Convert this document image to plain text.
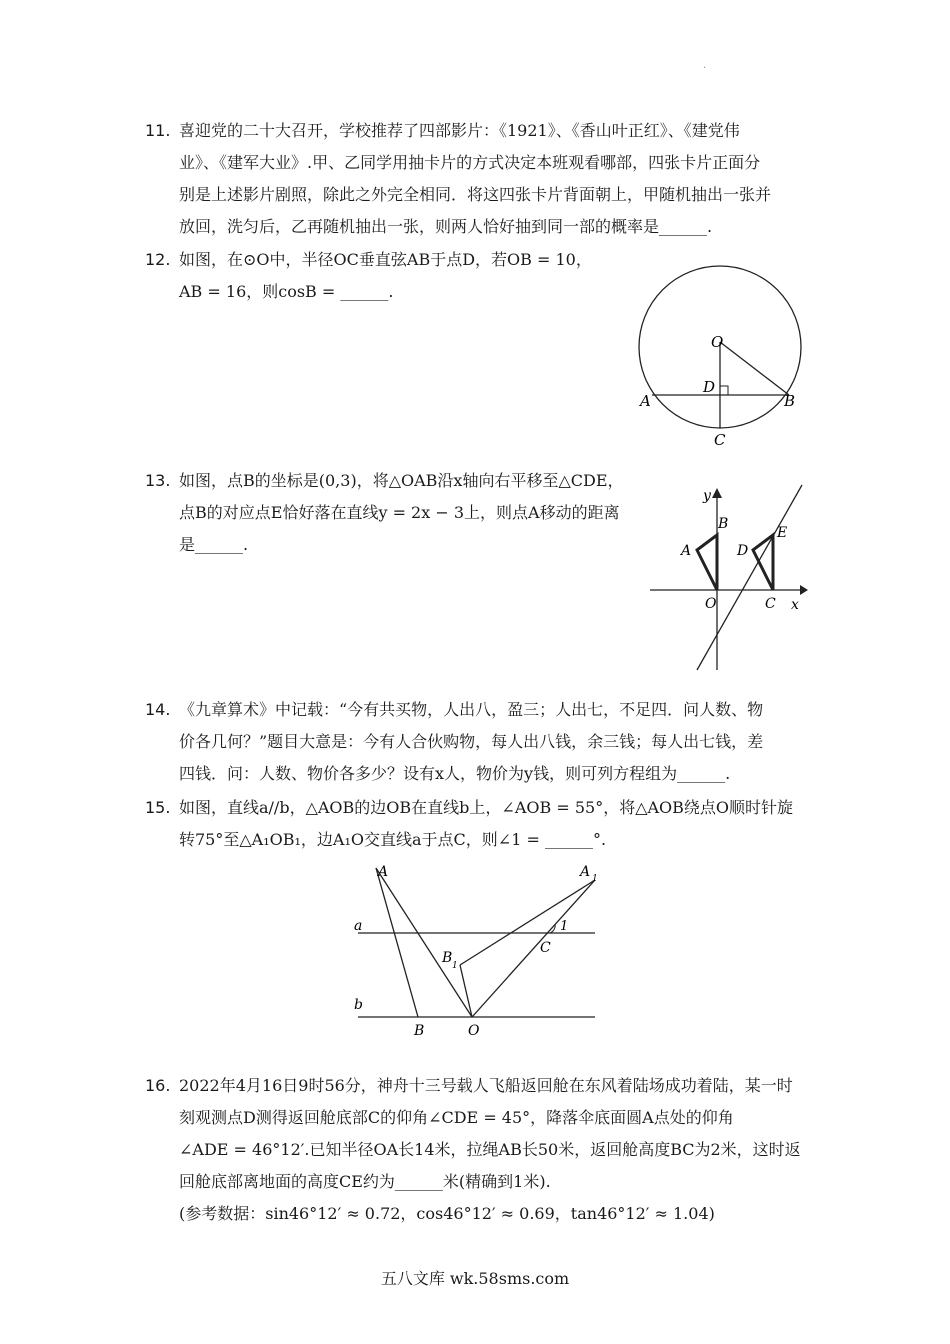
.
11. 喜迎党的二十大召开，学校推荐了四部影片：《1921》、《香山叶正红》、《建党伟
业》、《建军大业》.甲、乙同学用抽卡片的方式决定本班观看哪部，四张卡片正面分
别是上述影片剧照，除此之外完全相同．将这四张卡片背面朝上，甲随机抽出一张并
放回，洗匀后，乙再随机抽出一张，则两人恰好抽到同一部的概率是______.
12. 如图，在⊙O中，半径OC垂直弦AB于点D，若OB = 10，
AB = 16，则cosB = ______.
O
D
A	B
C
13. 如图，点B的坐标是(0,3)，将△OAB沿x轴向右平移至△CDE，
点B的对应点E恰好落在直线y = 2x − 3上，则点A移动的距离
是______.
y
x
O
A
B
C
D
E
14. 《九章算术》中记载：“今有共买物，人出八，盈三；人出七，不足四．问人数、物
价各几何？”题目大意是：今有人合伙购物，每人出八钱，余三钱；每人出七钱，差
四钱．问：人数、物价各多少？设有x人，物价为y钱，则可列方程组为______.
15. 如图，直线a//b，△AOB的边OB在直线b上，∠AOB = 55°，将△AOB绕点O顺时针旋
转75°至△A₁OB₁，边A₁O交直线a于点C，则∠1 = ______°.
A	A 1
a
b
B 1
C
1
B	O
16. 2022年4月16日9时56分，神舟十三号载人飞船返回舱在东风着陆场成功着陆，某一时
刻观测点D测得返回舱底部C的仰角∠CDE = 45°，降落伞底面圆A点处的仰角
∠ADE = 46°12′.已知半径OA长14米，拉绳AB长50米，返回舱高度BC为2米，这时返
回舱底部离地面的高度CE约为______米(精确到1米).
(参考数据：sin46°12′ ≈ 0.72，cos46°12′ ≈ 0.69，tan46°12′ ≈ 1.04)
五八文库 wk.58sms.com
